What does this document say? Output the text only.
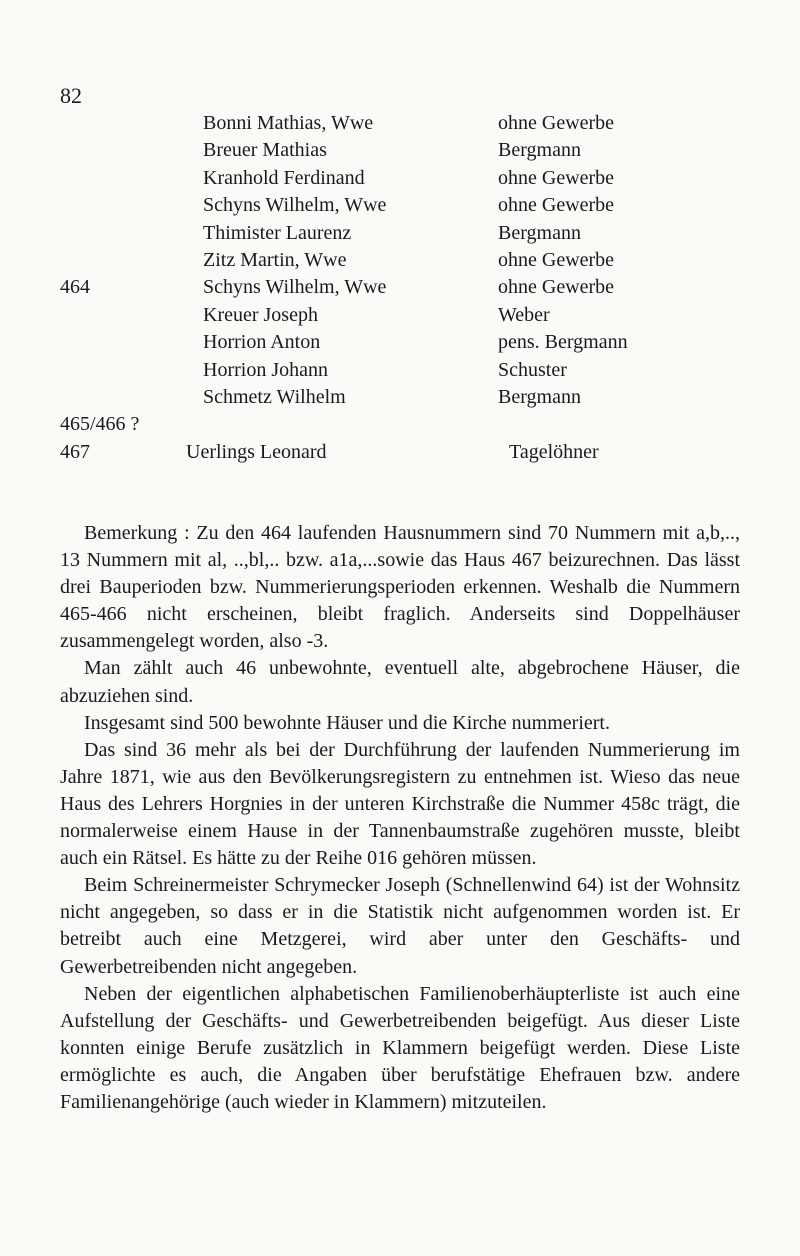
82
Bonni Mathias, Wwe	ohne Gewerbe
Breuer Mathias	Bergmann
Kranhold Ferdinand	ohne Gewerbe
Schyns Wilhelm, Wwe	ohne Gewerbe
Thimister Laurenz	Bergmann
Zitz Martin, Wwe	ohne Gewerbe
464	Schyns Wilhelm, Wwe	ohne Gewerbe
Kreuer Joseph	Weber
Horrion Anton	pens. Bergmann
Horrion Johann	Schuster
Schmetz Wilhelm	Bergmann
465/466 ?
467	Uerlings Leonard	Tagelöhner

Bemerkung : Zu den 464 laufenden Hausnummern sind 70 Nummern mit a,b,.., 13 Nummern mit al, ..,bl,.. bzw. a1a,...sowie das Haus 467 beizurechnen. Das lässt drei Bauperioden bzw. Nummerierungsperioden erkennen. Weshalb die Nummern 465-466 nicht erscheinen, bleibt fraglich. Anderseits sind Doppelhäuser zusammengelegt worden, also -3.

Man zählt auch 46 unbewohnte, eventuell alte, abgebrochene Häuser, die abzuziehen sind.

Insgesamt sind 500 bewohnte Häuser und die Kirche nummeriert.

Das sind 36 mehr als bei der Durchführung der laufenden Nummerierung im Jahre 1871, wie aus den Bevölkerungsregistern zu entnehmen ist. Wieso das neue Haus des Lehrers Horgnies in der unteren Kirchstraße die Nummer 458c trägt, die normalerweise einem Hause in der Tannenbaumstraße zugehören musste, bleibt auch ein Rätsel. Es hätte zu der Reihe 016 gehören müssen.

Beim Schreinermeister Schrymecker Joseph (Schnellenwind 64) ist der Wohnsitz nicht angegeben, so dass er in die Statistik nicht aufgenommen worden ist. Er betreibt auch eine Metzgerei, wird aber unter den Geschäfts- und Gewerbetreibenden nicht angegeben.

Neben der eigentlichen alphabetischen Familienoberhäupterliste ist auch eine Aufstellung der Geschäfts- und Gewerbetreibenden beigefügt. Aus dieser Liste konnten einige Berufe zusätzlich in Klammern beigefügt werden. Diese Liste ermöglichte es auch, die Angaben über berufstätige Ehefrauen bzw. andere Familienangehörige (auch wieder in Klammern) mitzuteilen.
